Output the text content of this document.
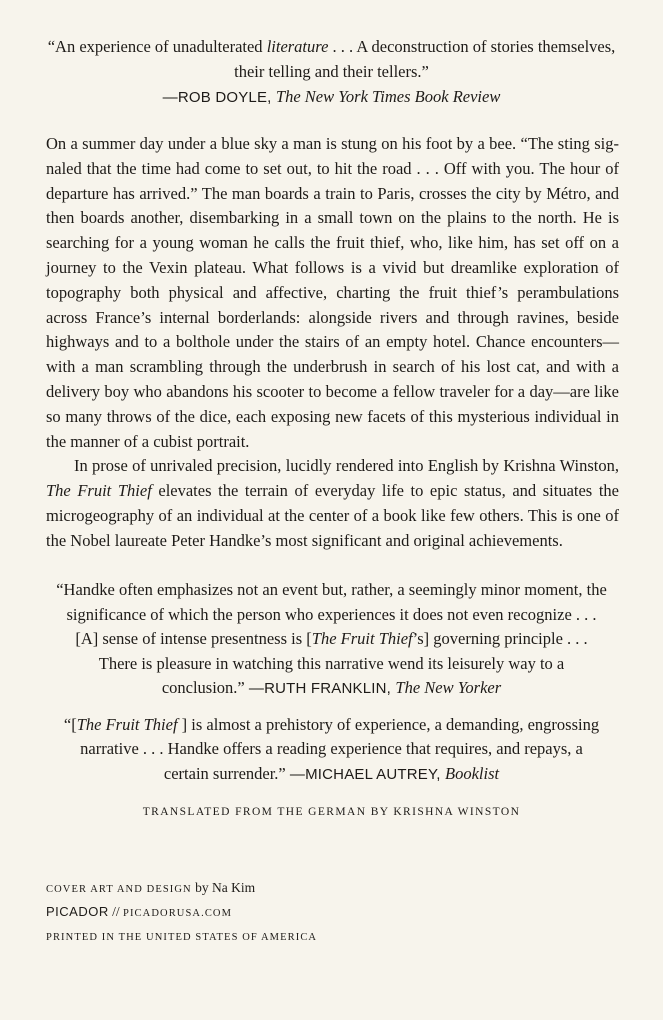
“An experience of unadulterated literature . . . A deconstruction of stories themselves, their telling and their tellers.”
—ROB DOYLE, The New York Times Book Review

On a summer day under a blue sky a man is stung on his foot by a bee. “The sting signaled that the time had come to set out, to hit the road . . . Off with you. The hour of departure has arrived.” The man boards a train to Paris, crosses the city by Métro, and then boards another, disembarking in a small town on the plains to the north. He is searching for a young woman he calls the fruit thief, who, like him, has set off on a journey to the Vexin plateau. What follows is a vivid but dreamlike exploration of topography both physical and affective, charting the fruit thief’s perambulations across France’s internal borderlands: alongside rivers and through ravines, beside highways and to a bolthole under the stairs of an empty hotel. Chance encounters—with a man scrambling through the underbrush in search of his lost cat, and with a delivery boy who abandons his scooter to become a fellow traveler for a day—are like so many throws of the dice, each exposing new facets of this mysterious individual in the manner of a cubist portrait.

In prose of unrivaled precision, lucidly rendered into English by Krishna Winston, The Fruit Thief elevates the terrain of everyday life to epic status, and situates the microgeography of an individual at the center of a book like few others. This is one of the Nobel laureate Peter Handke’s most significant and original achievements.

“Handke often emphasizes not an event but, rather, a seemingly minor moment, the significance of which the person who experiences it does not even recognize . . . [A] sense of intense presentness is [The Fruit Thief’s] governing principle . . . There is pleasure in watching this narrative wend its leisurely way to a conclusion.” —RUTH FRANKLIN, The New Yorker

“[The Fruit Thief ] is almost a prehistory of experience, a demanding, engrossing narrative . . . Handke offers a reading experience that requires, and repays, a certain surrender.” —MICHAEL AUTREY, Booklist

TRANSLATED FROM THE GERMAN BY KRISHNA WINSTON
COVER ART AND DESIGN by Na Kim
PICADOR // PICADORUSA.COM
PRINTED IN THE UNITED STATES OF AMERICA
